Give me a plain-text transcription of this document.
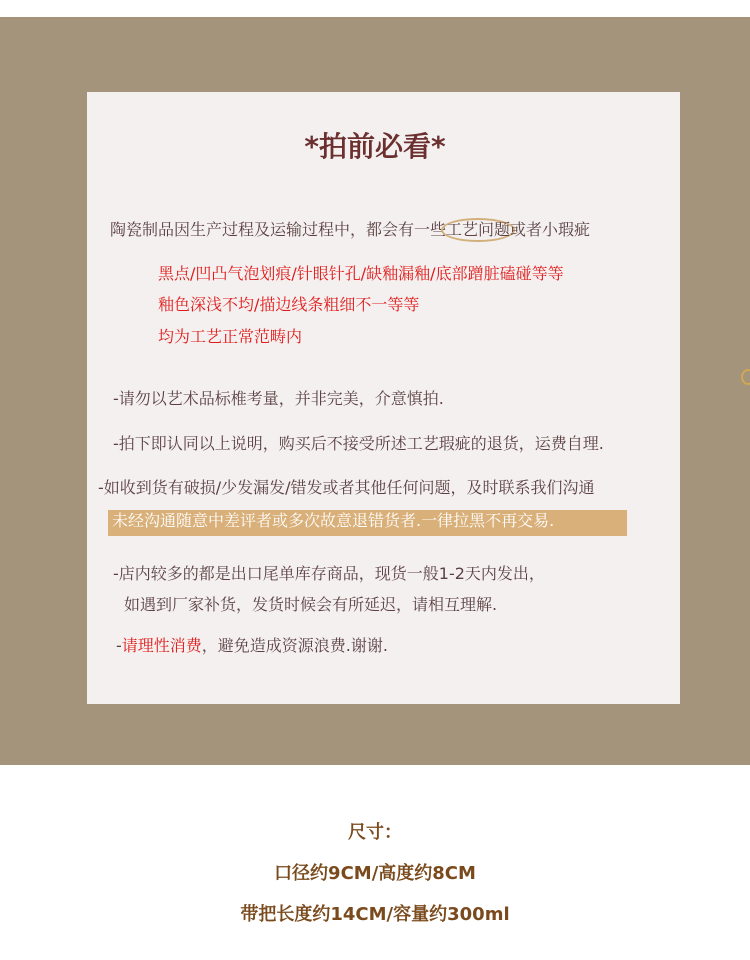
*拍前必看*
陶瓷制品因生产过程及运输过程中，都会有一些工艺问题或者小瑕疵
黑点/凹凸气泡划痕/针眼针孔/缺釉漏釉/底部蹭脏磕碰等等
釉色深浅不均/描边线条粗细不一等等
均为工艺正常范畴内
-请勿以艺术品标椎考量，并非完美，介意慎拍.
-拍下即认同以上说明，购买后不接受所述工艺瑕疵的退货，运费自理.
-如收到货有破损/少发漏发/错发或者其他任何问题，及时联系我们沟通
未经沟通随意中差评者或多次故意退错货者.一律拉黑不再交易.
-店内较多的都是出口尾单库存商品，现货一般1-2天内发出，
如遇到厂家补货，发货时候会有所延迟，请相互理解.
-请理性消费，避免造成资源浪费.谢谢.
尺寸：
口径约9CM/高度约8CM
带把长度约14CM/容量约300ml
